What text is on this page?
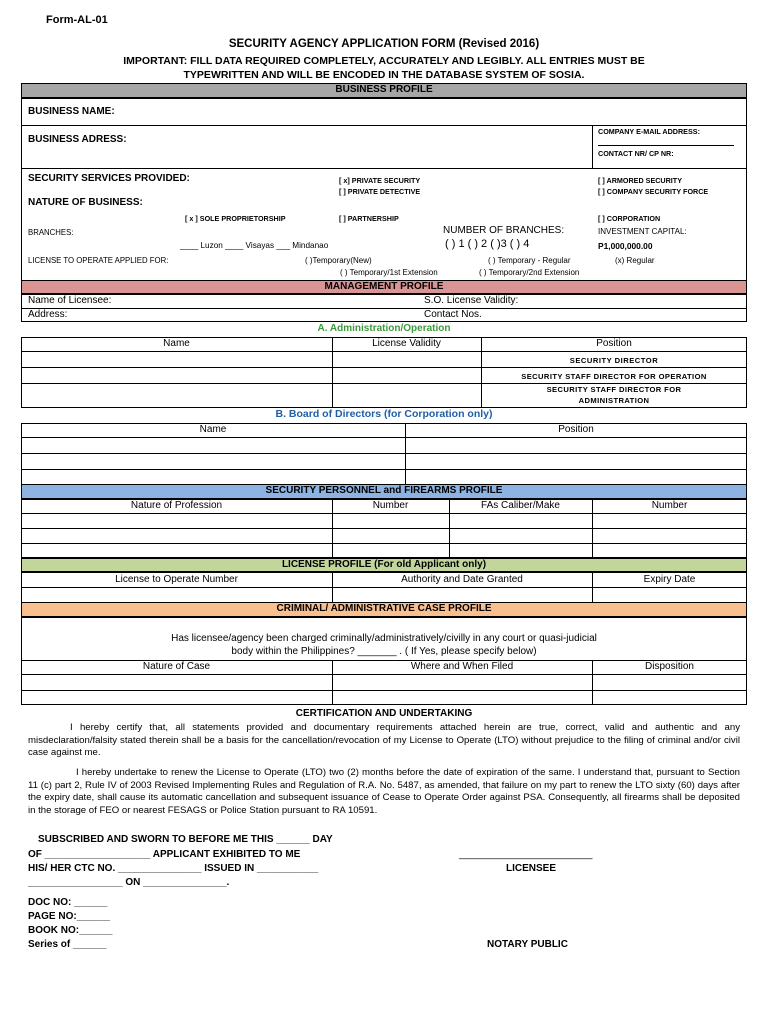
Form-AL-01
SECURITY AGENCY APPLICATION FORM (Revised 2016)
IMPORTANT: FILL DATA REQUIRED COMPLETELY, ACCURATELY AND LEGIBLY. ALL ENTRIES MUST BE
TYPEWRITTEN AND WILL BE ENCODED IN THE DATABASE SYSTEM OF SOSIA.
BUSINESS PROFILE
BUSINESS NAME:
BUSINESS ADRESS:
COMPANY E-MAIL ADDRESS:
CONTACT NR/ CP NR:
SECURITY SERVICES PROVIDED:	[ x] PRIVATE SECURITY
[ ] PRIVATE DETECTIVE
[ ] ARMORED SECURITY
[ ] COMPANY SECURITY FORCE
NATURE OF BUSINESS:
[ x ] SOLE PROPRIETORSHIP	[ ] PARTNERSHIP	[ ] CORPORATION
BRANCHES:
____ Luzon ____ Visayas ___ Mindanao
NUMBER OF BRANCHES:
( ) 1 ( ) 2 ( )3 ( ) 4
INVESTMENT CAPITAL:
P1,000,000.00
LICENSE TO OPERATE APPLIED FOR:	( )Temporary(New)	( ) Temporary - Regular	(x) Regular
( ) Temporary/1st Extension	( ) Temporary/2nd Extension
MANAGEMENT PROFILE
Name of Licensee:	S.O. License Validity:
Address:	Contact Nos.
A. Administration/Operation
Name	License Validity	Position
SECURITY DIRECTOR
SECURITY STAFF DIRECTOR FOR OPERATION
SECURITY STAFF DIRECTOR FOR
ADMINISTRATION
B. Board of Directors (for Corporation only)
Name	Position
SECURITY PERSONNEL and FIREARMS PROFILE
Nature of Profession	Number	FAs Caliber/Make	Number
LICENSE PROFILE (For old Applicant only)
License to Operate Number	Authority and Date Granted	Expiry Date
CRIMINAL/ ADMINISTRATIVE CASE PROFILE
Has licensee/agency been charged criminally/administratively/civilly in any court or quasi-judicial
body within the Philippines? _______ . ( If Yes, please specify below)
Nature of Case	Where and When Filed	Disposition
CERTIFICATION AND UNDERTAKING
I hereby certify that, all statements provided and documentary requirements attached herein are true, correct, valid and authentic and any misdeclaration/falsity stated therein shall be a basis for the cancellation/revocation of my License to Operate (LTO) without prejudice to the filing of criminal and/or civil case against me.
I hereby undertake to renew the License to Operate (LTO) two (2) months before the date of expiration of the same. I understand that, pursuant to Section 11 (c) part 2, Rule IV of 2003 Revised Implementing Rules and Regulation of R.A. No. 5487, as amended, that failure on my part to renew the LTO sixty (60) days after the expiry date, shall cause its automatic cancellation and subsequent issuance of Cease to Operate Order against PSA. Consequently, all firearms shall be deposited in the storage of FEO or nearest FESAGS or Police Station pursuant to RA 10591.
SUBSCRIBED AND SWORN TO BEFORE ME THIS ______ DAY
OF ___________________ APPLICANT EXHIBITED TO ME
HIS/ HER CTC NO. _______________ ISSUED IN ___________
_________________ ON _______________.
________________________
LICENSEE
DOC NO: ______
PAGE NO:______
BOOK NO:______
Series of ______	NOTARY PUBLIC
